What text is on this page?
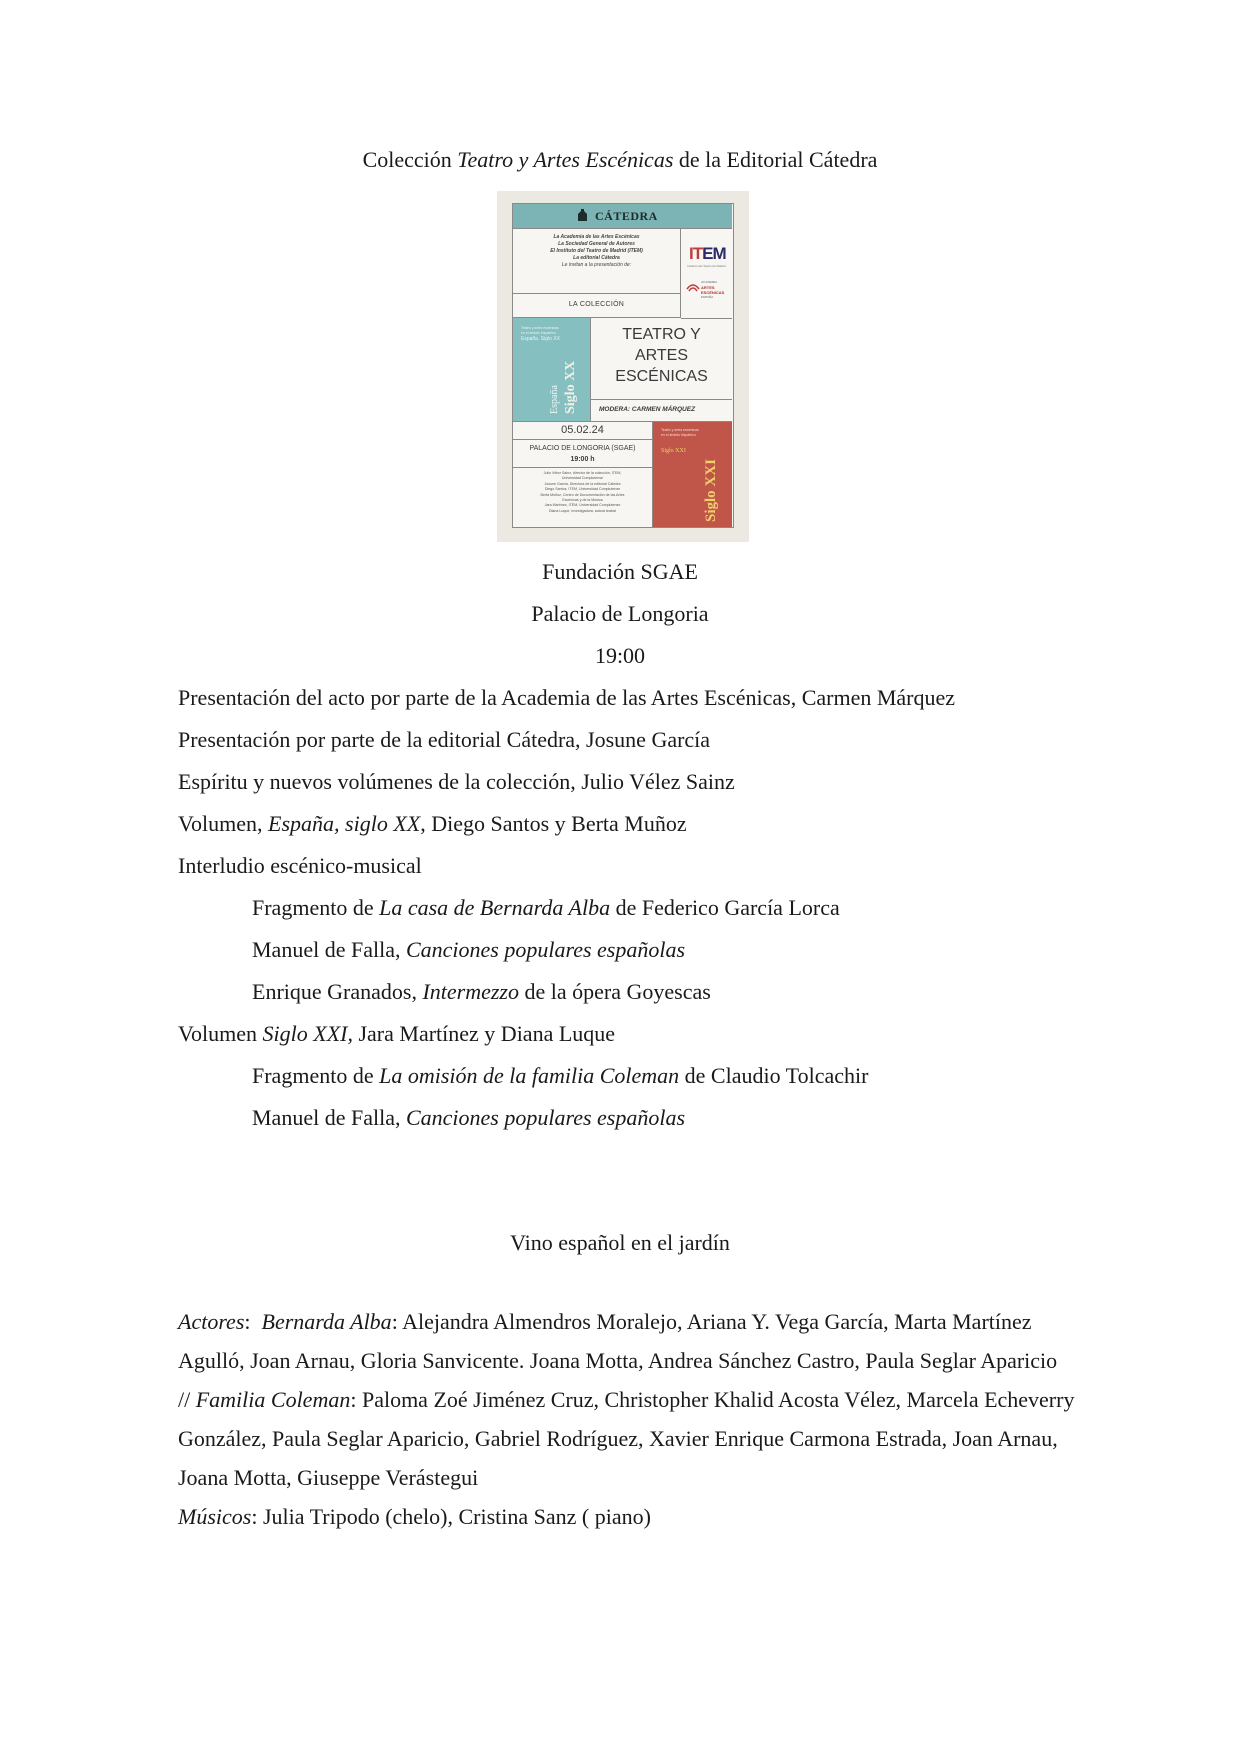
Colección Teatro y Artes Escénicas de la Editorial Cátedra
CÁTEDRA
La Academia de las Artes Escénicas
La Sociedad General de Autores
El Instituto del Teatro de Madrid (ITEM)
La editorial Cátedra
Le invitan a la presentación de:
ITEM
Instituto del Teatro de Madrid
ACADEMIA
ARTES
ESCÉNICAS
ESPAÑA
LA COLECCIÓN
Teatro y artes escénicas
en el ámbito hispánico
España. Siglo XX
Siglo XX
España
TEATRO Y
ARTES
ESCÉNICAS
MODERA: CARMEN MÁRQUEZ
05.02.24
PALACIO DE LONGORIA (SGAE)
19:00 h
Julio Vélez Sainz, director de la colección, ITEM,
Universidad Complutense
Josune García, Directora de la editorial Cátedra
Diego Santos, ITEM, Universidad Complutense
Berta Muñoz, Centro de Documentación de las Artes
Escénicas y de la Música
Jara Martínez, ITEM, Universidad Complutense
Diana Luque, investigadora, autora teatral
Teatro y artes escénicas
en el ámbito hispánico
Siglo XXI
Siglo XXI
Fundación SGAE
Palacio de Longoria
19:00
Presentación del acto por parte de la Academia de las Artes Escénicas, Carmen Márquez
Presentación por parte de la editorial Cátedra, Josune García
Espíritu y nuevos volúmenes de la colección, Julio Vélez Sainz
Volumen, España, siglo XX, Diego Santos y Berta Muñoz
Interludio escénico-musical
Fragmento de La casa de Bernarda Alba de Federico García Lorca
Manuel de Falla, Canciones populares españolas
Enrique Granados, Intermezzo de la ópera Goyescas
Volumen Siglo XXI, Jara Martínez y Diana Luque
Fragmento de La omisión de la familia Coleman de Claudio Tolcachir
Manuel de Falla, Canciones populares españolas
Vino español en el jardín
Actores:  Bernarda Alba: Alejandra Almendros Moralejo, Ariana Y. Vega García, Marta Martínez
Agulló, Joan Arnau, Gloria Sanvicente. Joana Motta, Andrea Sánchez Castro, Paula Seglar Aparicio
// Familia Coleman: Paloma Zoé Jiménez Cruz, Christopher Khalid Acosta Vélez, Marcela Echeverry
González, Paula Seglar Aparicio, Gabriel Rodríguez, Xavier Enrique Carmona Estrada, Joan Arnau,
Joana Motta, Giuseppe Verástegui
Músicos: Julia Tripodo (chelo), Cristina Sanz ( piano)
